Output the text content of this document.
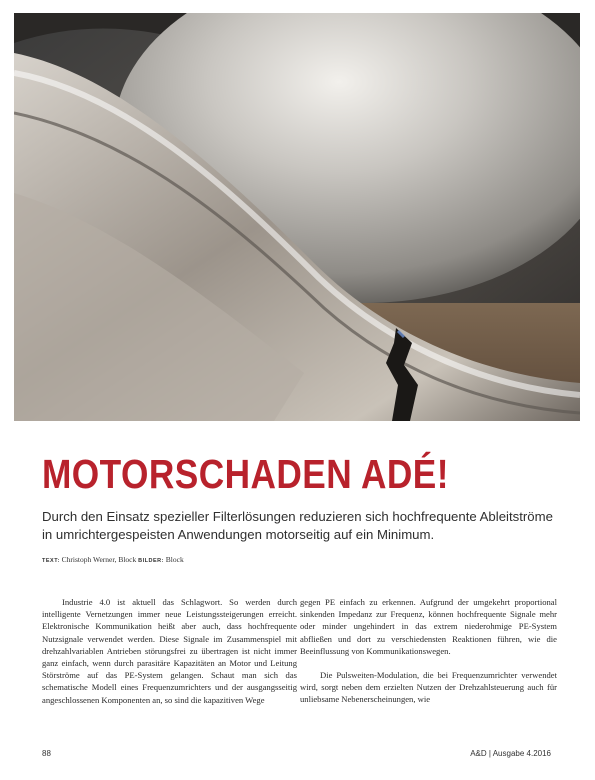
MOTORSCHADEN ADÉ!

Durch den Einsatz spezieller Filterlösungen reduzieren sich hochfrequente Ableitströme in umrichtergespeisten Anwendungen motorseitig auf ein Minimum.

TEXT: Christoph Werner, Block BILDER: Block

Industrie 4.0 ist aktuell das Schlagwort. So werden durch intelligente Vernetzungen immer neue Leistungssteigerungen erreicht. Elektronische Kommunikation heißt aber auch, dass hochfrequente Nutzsignale verwendet werden. Diese Signale im Zusammenspiel mit drehzahlvariablen Antrieben störungsfrei zu übertragen ist nicht immer ganz einfach, wenn durch parasitäre Kapazitäten an Motor und Leitung Störströme auf das PE-System gelangen. Schaut man sich das schematische Modell eines Frequenzumrichters und der ausgangsseitig angeschlossenen Komponenten an, so sind die kapazitiven Wege

gegen PE einfach zu erkennen. Aufgrund der umgekehrt proportional sinkenden Impedanz zur Frequenz, können hochfrequente Signale mehr oder minder ungehindert in das extrem niederohmige PE-System abfließen und dort zu verschiedensten Reaktionen führen, wie die Beeinflussung von Kommunikationswegen.

Die Pulsweiten-Modulation, die bei Frequenzumrichter verwendet wird, sorgt neben dem erzielten Nutzen der Drehzahlsteuerung auch für unliebsame Nebenerscheinungen, wie

88	A&D | Ausgabe 4.2016
